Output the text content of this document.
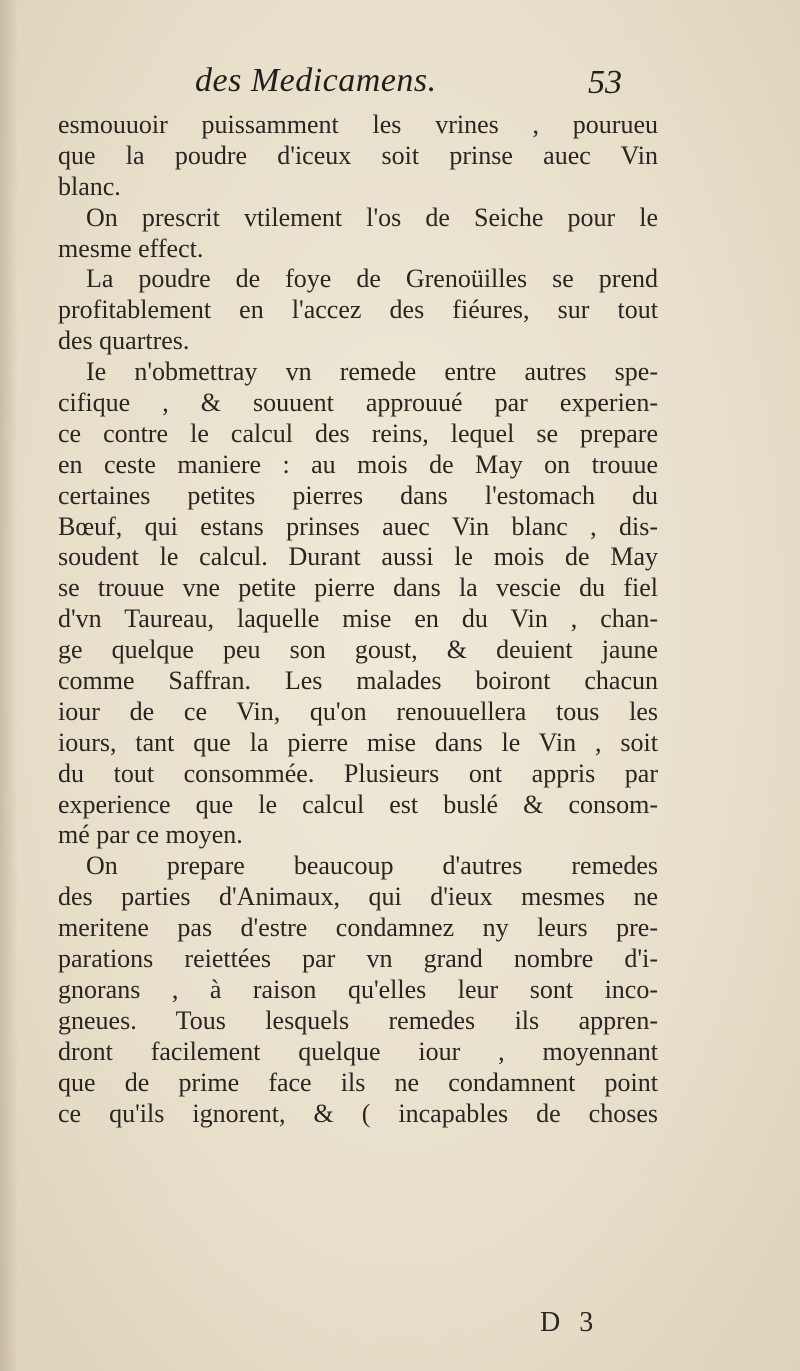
des Medicamens.	53
esmouuoir puissamment les vrines , pourueu
que la poudre d'iceux soit prinse auec Vin
blanc.
On prescrit vtilement l'os de Seiche pour le
mesme effect.
La poudre de foye de Grenoüilles se prend
profitablement en l'accez des fiéures, sur tout
des quartres.
Ie n'obmettray vn remede entre autres spe-
cifique , & souuent approuué par experien-
ce contre le calcul des reins, lequel se prepare
en ceste maniere : au mois de May on trouue
certaines petites pierres dans l'estomach du
Bœuf, qui estans prinses auec Vin blanc , dis-
soudent le calcul. Durant aussi le mois de May
se trouue vne petite pierre dans la vescie du fiel
d'vn Taureau, laquelle mise en du Vin , chan-
ge quelque peu son goust, & deuient jaune
comme Saffran. Les malades boiront chacun
iour de ce Vin, qu'on renouuellera tous les
iours, tant que la pierre mise dans le Vin , soit
du tout consommée. Plusieurs ont appris par
experience que le calcul est buslé & consom-
mé par ce moyen.
On prepare beaucoup d'autres remedes
des parties d'Animaux, qui d'ieux mesmes ne
meritene pas d'estre condamnez ny leurs pre-
parations reiettées par vn grand nombre d'i-
gnorans , à raison qu'elles leur sont inco-
gneues. Tous lesquels remedes ils appren-
dront facilement quelque iour , moyennant
que de prime face ils ne condamnent point
ce qu'ils ignorent, & ( incapables de choses
D 3
